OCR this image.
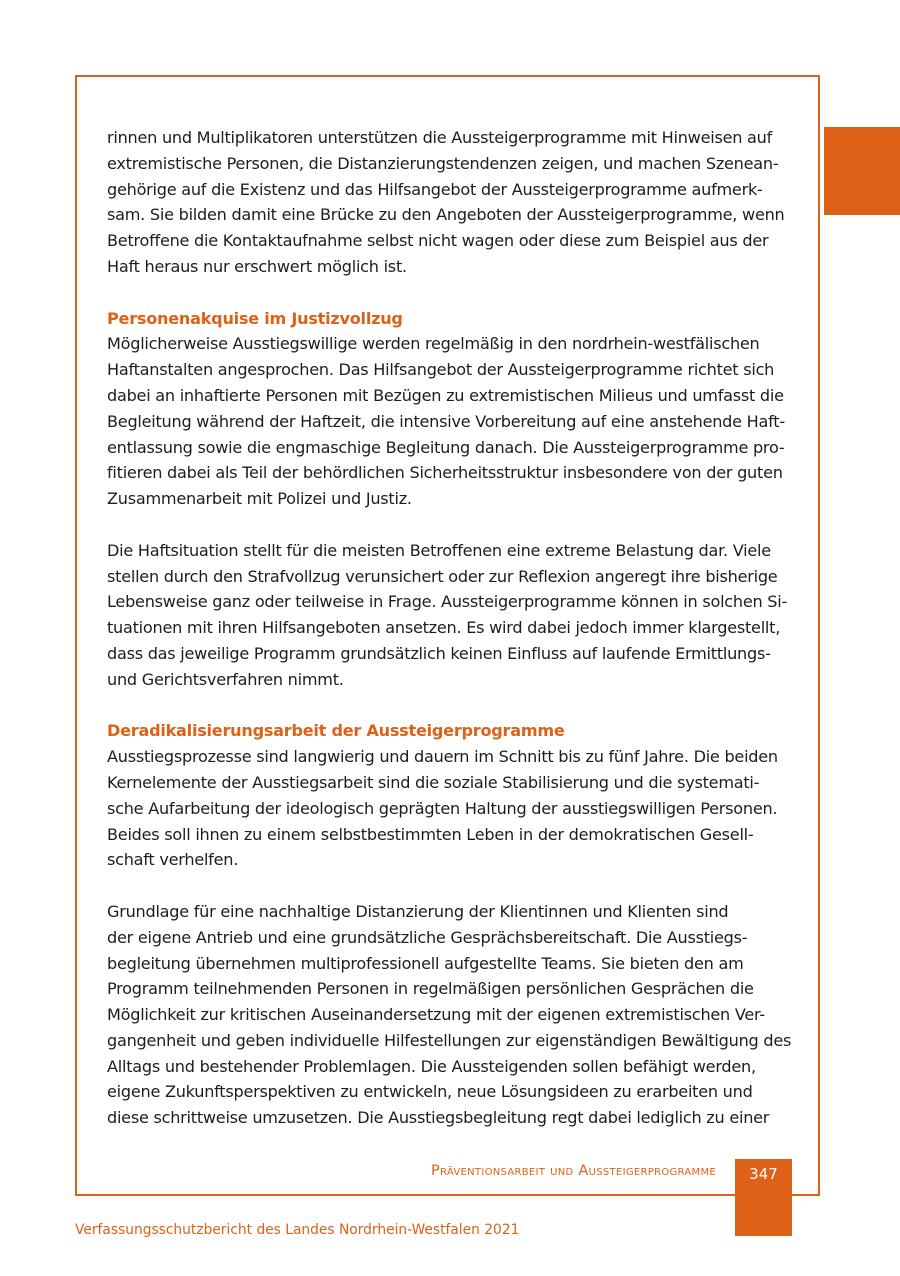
rinnen und Multiplikatoren unterstützen die Aussteigerprogramme mit Hinweisen auf
extremistische Personen, die Distanzierungstendenzen zeigen, und machen Szenean-
gehörige auf die Existenz und das Hilfsangebot der Aussteigerprogramme aufmerk-
sam. Sie bilden damit eine Brücke zu den Angeboten der Aussteigerprogramme, wenn
Betroffene die Kontaktaufnahme selbst nicht wagen oder diese zum Beispiel aus der
Haft heraus nur erschwert möglich ist.

Personenakquise im Justizvollzug

Möglicherweise Ausstiegswillige werden regelmäßig in den nordrhein-westfälischen
Haftanstalten angesprochen. Das Hilfsangebot der Aussteigerprogramme richtet sich
dabei an inhaftierte Personen mit Bezügen zu extremistischen Milieus und umfasst die
Begleitung während der Haftzeit, die intensive Vorbereitung auf eine anstehende Haft-
entlassung sowie die engmaschige Begleitung danach. Die Aussteigerprogramme pro-
fitieren dabei als Teil der behördlichen Sicherheitsstruktur insbesondere von der guten
Zusammenarbeit mit Polizei und Justiz.

Die Haftsituation stellt für die meisten Betroffenen eine extreme Belastung dar. Viele
stellen durch den Strafvollzug verunsichert oder zur Reflexion angeregt ihre bisherige
Lebensweise ganz oder teilweise in Frage. Aussteigerprogramme können in solchen Si-
tuationen mit ihren Hilfsangeboten ansetzen. Es wird dabei jedoch immer klargestellt,
dass das jeweilige Programm grundsätzlich keinen Einfluss auf laufende Ermittlungs-
und Gerichtsverfahren nimmt.

Deradikalisierungsarbeit der Aussteigerprogramme

Ausstiegsprozesse sind langwierig und dauern im Schnitt bis zu fünf Jahre. Die beiden
Kernelemente der Ausstiegsarbeit sind die soziale Stabilisierung und die systemati-
sche Aufarbeitung der ideologisch geprägten Haltung der ausstiegswilligen Personen.
Beides soll ihnen zu einem selbstbestimmten Leben in der demokratischen Gesell-
schaft verhelfen.

Grundlage für eine nachhaltige Distanzierung der Klientinnen und Klienten sind
der eigene Antrieb und eine grundsätzliche Gesprächsbereitschaft. Die Ausstiegs-
begleitung übernehmen multiprofessionell aufgestellte Teams. Sie bieten den am
Programm teilnehmenden Personen in regelmäßigen persönlichen Gesprächen die
Möglichkeit zur kritischen Auseinandersetzung mit der eigenen extremistischen Ver-
gangenheit und geben individuelle Hilfestellungen zur eigenständigen Bewältigung des
Alltags und bestehender Problemlagen. Die Aussteigenden sollen befähigt werden,
eigene Zukunftsperspektiven zu entwickeln, neue Lösungsideen zu erarbeiten und
diese schrittweise umzusetzen. Die Ausstiegsbegleitung regt dabei lediglich zu einer

Präventionsarbeit und Aussteigerprogramme	347
Verfassungsschutzbericht des Landes Nordrhein-Westfalen 2021
